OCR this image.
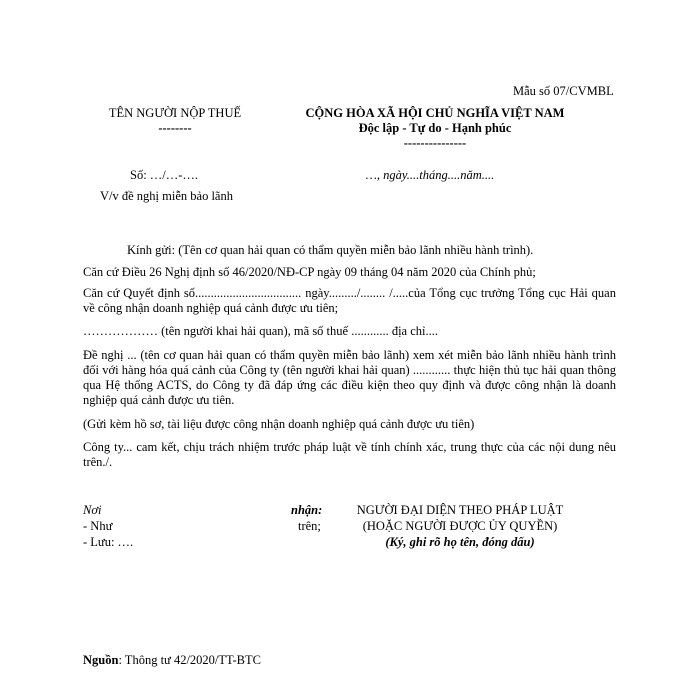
Mẫu số 07/CVMBL
TÊN NGƯỜI NỘP THUẾ
--------
CỘNG HÒA XÃ HỘI CHỦ NGHĨA VIỆT NAM
Độc lập - Tự do - Hạnh phúc
---------------
Số: …/…-….	…, ngày....tháng....năm....
V/v đề nghị miễn bảo lãnh
Kính gửi: (Tên cơ quan hải quan có thẩm quyền miễn bảo lãnh nhiều hành trình).
Căn cứ Điều 26 Nghị định số 46/2020/NĐ-CP ngày 09 tháng 04 năm 2020 của Chính phủ;
Căn cứ Quyết định số.................................. ngày........./........ /.....của Tổng cục trưởng Tổng cục Hải quan về công nhận doanh nghiệp quá cảnh được ưu tiên;
……………… (tên người khai hải quan), mã số thuế ............ địa chỉ....
Đề nghị ... (tên cơ quan hải quan có thẩm quyền miễn bảo lãnh) xem xét miễn bảo lãnh nhiều hành trình đối với hàng hóa quá cảnh của Công ty (tên người khai hải quan) ............ thực hiện thủ tục hải quan thông qua Hệ thống ACTS, do Công ty đã đáp ứng các điều kiện theo quy định và được công nhận là doanh nghiệp quá cảnh được ưu tiên.
(Gửi kèm hồ sơ, tài liệu được công nhận doanh nghiệp quá cảnh được ưu tiên)
Công ty... cam kết, chịu trách nhiệm trước pháp luật về tính chính xác, trung thực của các nội dung nêu trên./.
Nơi	nhận:
- Như	trên;
- Lưu: ….
NGƯỜI ĐẠI DIỆN THEO PHÁP LUẬT
(HOẶC NGƯỜI ĐƯỢC ỦY QUYỀN)
(Ký, ghi rõ họ tên, đóng dấu)
Nguồn: Thông tư 42/2020/TT-BTC
